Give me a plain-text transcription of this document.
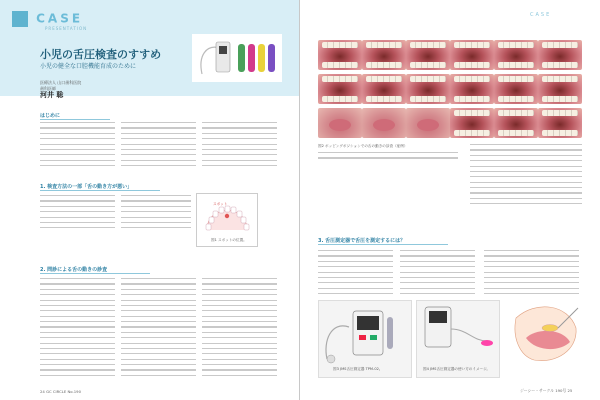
CASE
PRESENTATION
小児の舌圧検査のすすめ
小児の健全な口腔機能育成のために
医療法人 山口歯科医院
歯科医師
河井 聡
はじめに
1. 検査方法の一部「舌の動き方が悪い」
スポット
図1 スポットの位置。
2. 問診による舌の動きの診査
24 GC CIRCLE No.190
CASE
図2 ポッピングポジションでの舌の動きの診査（症例）
3. 舌圧測定器で舌圧を測定するには？
図3 JMS舌圧測定器 TPM-02。	図4 JMS舌圧測定器の使い方のイメージ。
ジーシー・サークル 190号 25
